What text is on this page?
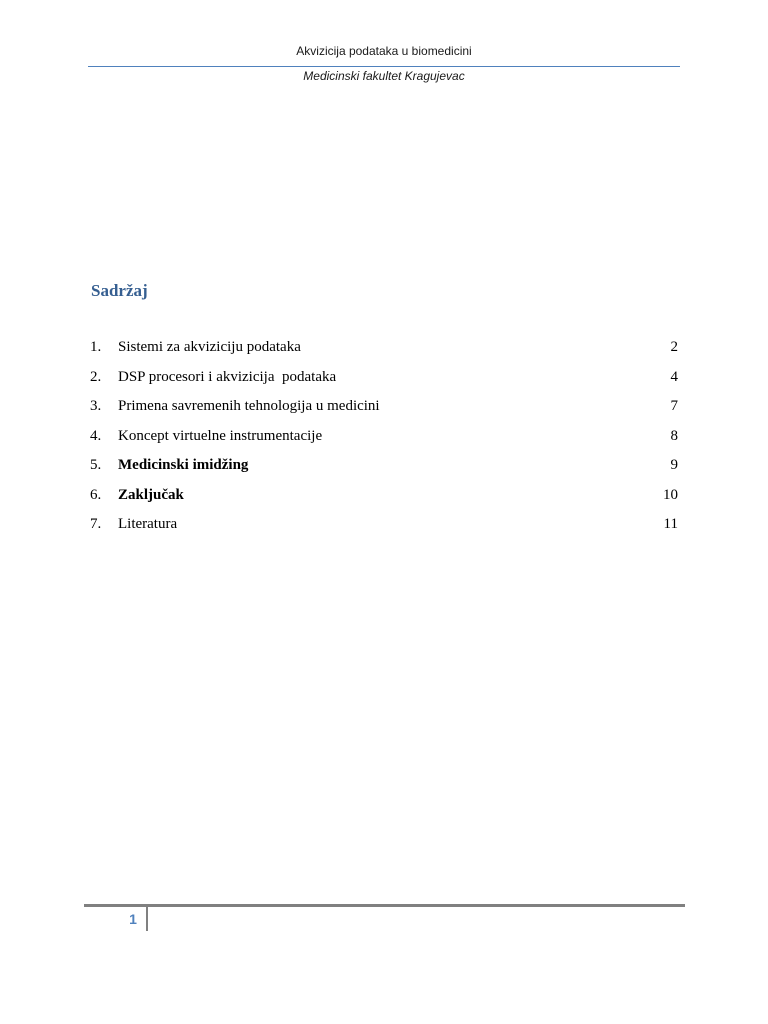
Akvizicija podataka u biomedicini
Medicinski fakultet Kragujevac
Sadržaj
1.	Sistemi za akviziciju podataka	2
2.	DSP procesori i akvizicija  podataka	4
3.	Primena savremenih tehnologija u medicini	7
4.	Koncept virtuelne instrumentacije	8
5.	Medicinski imidžing	9
6.	Zaključak	10
7.	Literatura	11
1
